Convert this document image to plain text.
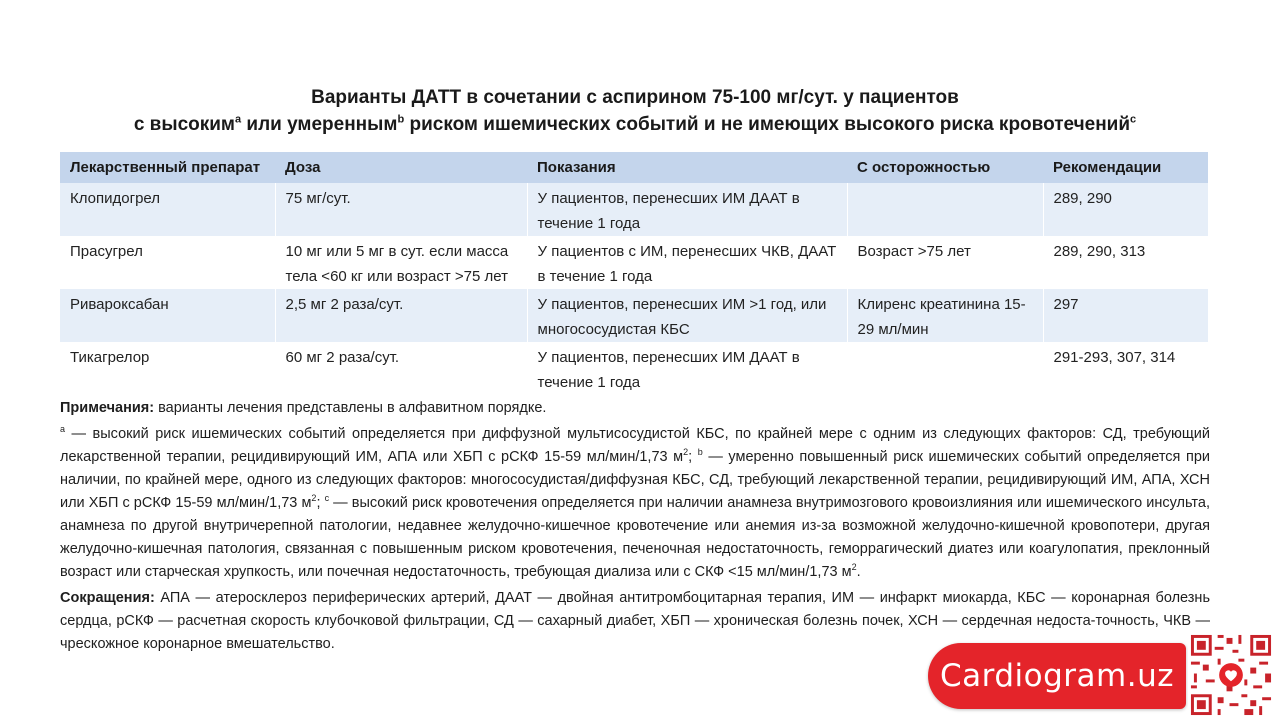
Варианты ДАТТ в сочетании с аспирином 75-100 мг/сут. у пациентов
с высоким$^a$ или умеренным$^b$ риском ишемических событий и не имеющих высокого риска кровотечений$^c$
Лекарственный препарат	Доза	Показания	С осторожностью	Рекомендации
Клопидогрел	75 мг/сут.	У пациентов, перенесших ИМ ДААТ в течение 1 года		289, 290
Прасугрел	10 мг или 5 мг в сут. если масса тела <60 кг или возраст >75 лет	У пациентов с ИМ, перенесших ЧКВ, ДААТ в течение 1 года	Возраст >75 лет	289, 290, 313
Ривароксабан	2,5 мг 2 раза/сут.	У пациентов, перенесших ИМ >1 год, или многососудистая КБС	Клиренс креатинина 15-29 мл/мин	297
Тикагрелор	60 мг 2 раза/сут.	У пациентов, перенесших ИМ ДААТ в течение 1 года		291-293, 307, 314

Примечания: варианты лечения представлены в алфавитном порядке.

$^a$ — высокий риск ишемических событий определяется при диффузной мультисосудистой КБС, по крайней мере с одним из следующих факторов: СД, требующий лекарственной терапии, рецидивирующий ИМ, АПА или ХБП с рСКФ 15-59 мл/мин/1,73 $м^2$; $^b$ — умеренно повышенный риск ишемических событий определяется при наличии, по крайней мере, одного из следующих факторов: многососудистая/диффузная КБС, СД, требующий лекарственной терапии, рецидивирующий ИМ, АПА, ХСН или ХБП с рСКФ 15-59 мл/мин/1,73 $м^2$; $^c$ — высокий риск кровотечения определяется при наличии анамнеза внутримозгового кровоизлияния или ишемического инсульта, анамнеза по другой внутричерепной патологии, недавнее желудочно-кишечное кровотечение или анемия из-за возможной желудочно-кишечной кровопотери, другая желудочно-кишечная патология, связанная с повышенным риском кровотечения, печеночная недостаточность, геморрагический диатез или коагулопатия, преклонный возраст или старческая хрупкость, или почечная недостаточность, требующая диализа или с СКФ <15 мл/мин/1,73 $м^2$.

Сокращения: АПА — атеросклероз периферических артерий, ДААТ — двойная антитромбоцитарная терапия, ИМ — инфаркт миокарда, КБС — коронарная болезнь сердца, рСКФ — расчетная скорость клубочковой фильтрации, СД — сахарный диабет, ХБП — хроническая болезнь почек, ХСН — сердечная недоста-точность, ЧКВ — чрескожное коронарное вмешательство.

Cardiogram.uz
